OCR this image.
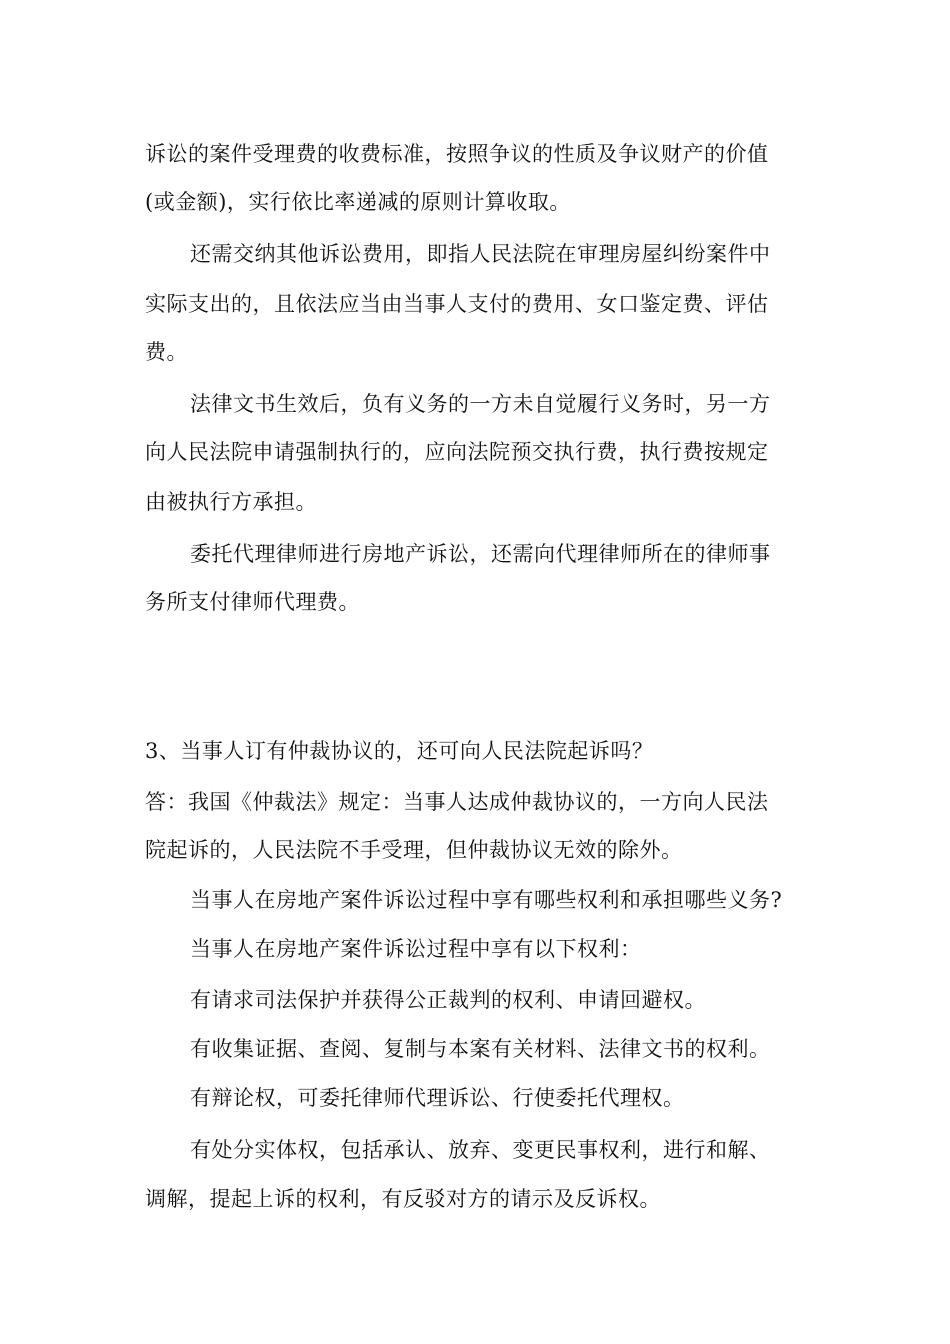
诉讼的案件受理费的收费标准，按照争议的性质及争议财产的价值
(或金额)，实行依比率递减的原则计算收取。
还需交纳其他诉讼费用，即指人民法院在审理房屋纠纷案件中
实际支出的，且依法应当由当事人支付的费用、女口鉴定费、评估
费。
法律文书生效后，负有义务的一方未自觉履行义务时，另一方
向人民法院申请强制执行的，应向法院预交执行费，执行费按规定
由被执行方承担。
委托代理律师进行房地产诉讼，还需向代理律师所在的律师事
务所支付律师代理费。
3、当事人订有仲裁协议的，还可向人民法院起诉吗？
答：我国《仲裁法》规定：当事人达成仲裁协议的，一方向人民法
院起诉的，人民法院不手受理，但仲裁协议无效的除外。
当事人在房地产案件诉讼过程中享有哪些权利和承担哪些义务?
当事人在房地产案件诉讼过程中享有以下权利：
有请求司法保护并获得公正裁判的权利、申请回避权。
有收集证据、查阅、复制与本案有关材料、法律文书的权利。
有辩论权，可委托律师代理诉讼、行使委托代理权。
有处分实体权，包括承认、放弃、变更民事权利，进行和解、
调解，提起上诉的权利，有反驳对方的请示及反诉权。
